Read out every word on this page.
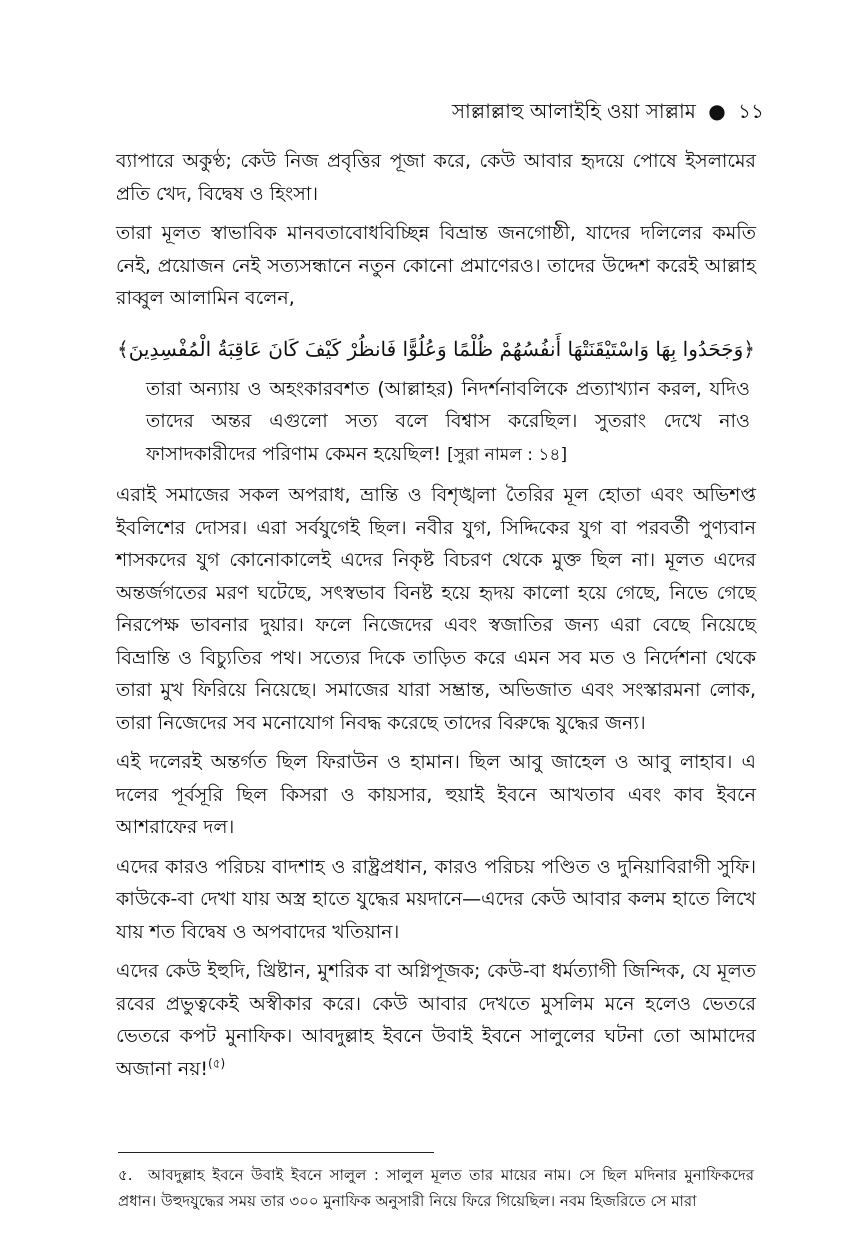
সাল্লাল্লাহু আলাইহি ওয়া সাল্লাম ● ১১

ব্যাপারে অকুণ্ঠ; কেউ নিজ প্রবৃত্তির পূজা করে, কেউ আবার হৃদয়ে পোষে ইসলামের প্রতি খেদ, বিদ্বেষ ও হিংসা।

তারা মূলত স্বাভাবিক মানবতাবোধবিচ্ছিন্ন বিভ্রান্ত জনগোষ্ঠী, যাদের দলিলের কমতি নেই, প্রয়োজন নেই সত্যসন্ধানে নতুন কোনো প্রমাণেরও। তাদের উদ্দেশ করেই আল্লাহ রাব্বুল আলামিন বলেন,

﴿وَجَحَدُوا بِهَا وَاسْتَيْقَنَتْهَا أَنفُسُهُمْ ظُلْمًا وَعُلُوًّا فَانظُرْ كَيْفَ كَانَ عَاقِبَةُ الْمُفْسِدِينَ﴾
তারা অন্যায় ও অহংকারবশত (আল্লাহর) নিদর্শনাবলিকে প্রত্যাখ্যান করল, যদিও তাদের অন্তর এগুলো সত্য বলে বিশ্বাস করেছিল। সুতরাং দেখে নাও ফাসাদকারীদের পরিণাম কেমন হয়েছিল! [সুরা নামল : ১৪]

এরাই সমাজের সকল অপরাধ, ভ্রান্তি ও বিশৃঙ্খলা তৈরির মূল হোতা এবং অভিশপ্ত ইবলিশের দোসর। এরা সর্বযুগেই ছিল। নবীর যুগ, সিদ্দিকের যুগ বা পরবর্তী পুণ্যবান শাসকদের যুগ কোনোকালেই এদের নিকৃষ্ট বিচরণ থেকে মুক্ত ছিল না। মূলত এদের অন্তর্জগতের মরণ ঘটেছে, সৎস্বভাব বিনষ্ট হয়ে হৃদয় কালো হয়ে গেছে, নিভে গেছে নিরপেক্ষ ভাবনার দুয়ার। ফলে নিজেদের এবং স্বজাতির জন্য এরা বেছে নিয়েছে বিভ্রান্তি ও বিচ্যুতির পথ। সত্যের দিকে তাড়িত করে এমন সব মত ও নির্দেশনা থেকে তারা মুখ ফিরিয়ে নিয়েছে। সমাজের যারা সম্ভ্রান্ত, অভিজাত এবং সংস্কারমনা লোক, তারা নিজেদের সব মনোযোগ নিবদ্ধ করেছে তাদের বিরুদ্ধে যুদ্ধের জন্য।

এই দলেরই অন্তর্গত ছিল ফিরাউন ও হামান। ছিল আবু জাহেল ও আবু লাহাব। এ দলের পূর্বসূরি ছিল কিসরা ও কায়সার, হুয়াই ইবনে আখতাব এবং কাব ইবনে আশরাফের দল।

এদের কারও পরিচয় বাদশাহ ও রাষ্ট্রপ্রধান, কারও পরিচয় পণ্ডিত ও দুনিয়াবিরাগী সুফি। কাউকে-বা দেখা যায় অস্ত্র হাতে যুদ্ধের ময়দানে—এদের কেউ আবার কলম হাতে লিখে যায় শত বিদ্বেষ ও অপবাদের খতিয়ান।

এদের কেউ ইহুদি, খ্রিষ্টান, মুশরিক বা অগ্নিপূজক; কেউ-বা ধর্মত্যাগী জিন্দিক, যে মূলত রবের প্রভুত্বকেই অস্বীকার করে। কেউ আবার দেখতে মুসলিম মনে হলেও ভেতরে ভেতরে কপট মুনাফিক। আবদুল্লাহ ইবনে উবাই ইবনে সালুলের ঘটনা তো আমাদের অজানা নয়!$^{(৫)}$

৫. আবদুল্লাহ ইবনে উবাই ইবনে সালুল : সালুল মূলত তার মায়ের নাম। সে ছিল মদিনার মুনাফিকদের প্রধান। উহুদযুদ্ধের সময় তার ৩০০ মুনাফিক অনুসারী নিয়ে ফিরে গিয়েছিল। নবম হিজরিতে সে মারা
